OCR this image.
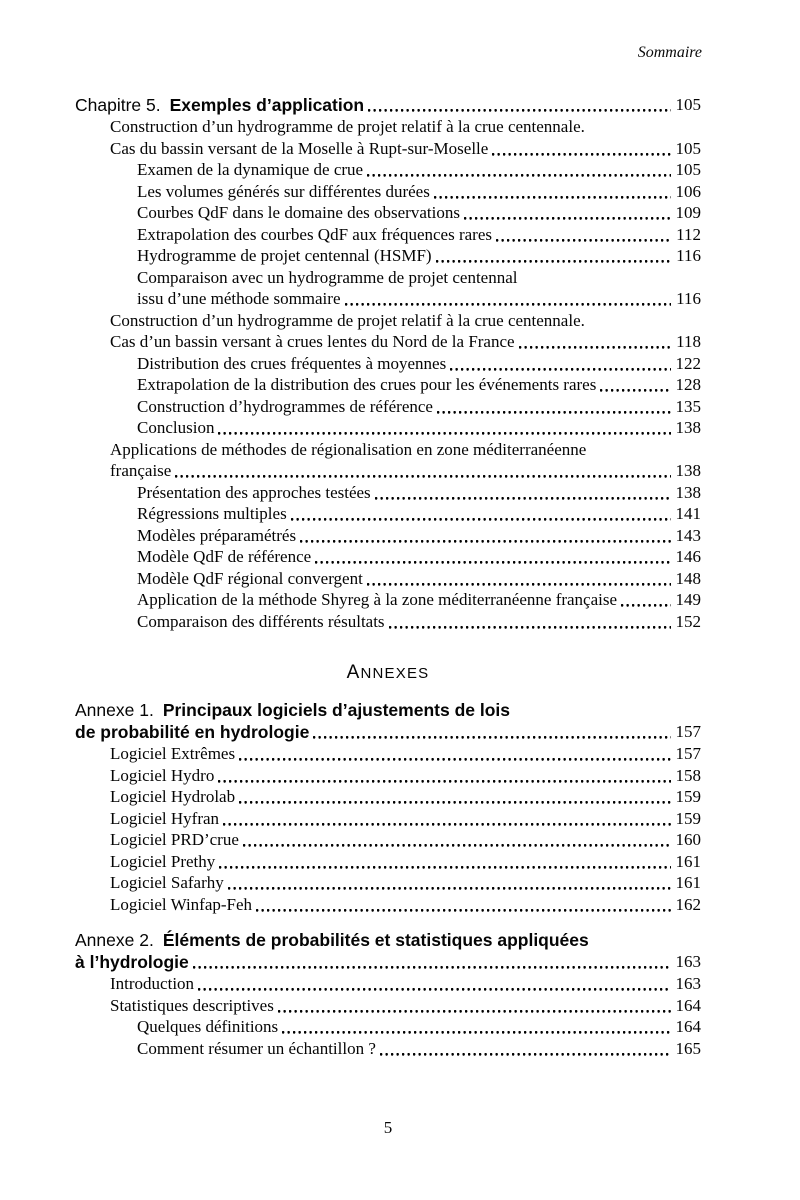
Sommaire
Chapitre 5. Exemples d’application	105
Construction d’un hydrogramme de projet relatif à la crue centennale.
Cas du bassin versant de la Moselle à Rupt-sur-Moselle	105
Examen de la dynamique de crue	105
Les volumes générés sur différentes durées	106
Courbes QdF dans le domaine des observations	109
Extrapolation des courbes QdF aux fréquences rares	112
Hydrogramme de projet centennal (HSMF)	116
Comparaison avec un hydrogramme de projet centennal
issu d’une méthode sommaire	116
Construction d’un hydrogramme de projet relatif à la crue centennale.
Cas d’un bassin versant à crues lentes du Nord de la France	118
Distribution des crues fréquentes à moyennes	122
Extrapolation de la distribution des crues pour les événements rares	128
Construction d’hydrogrammes de référence	135
Conclusion	138
Applications de méthodes de régionalisation en zone méditerranéenne
française	138
Présentation des approches testées	138
Régressions multiples	141
Modèles préparamétrés	143
Modèle QdF de référence	146
Modèle QdF régional convergent	148
Application de la méthode Shyreg à la zone méditerranéenne française	149
Comparaison des différents résultats	152
ANNEXES
Annexe 1. Principaux logiciels d’ajustements de lois
de probabilité en hydrologie	157
Logiciel Extrêmes	157
Logiciel Hydro	158
Logiciel Hydrolab	159
Logiciel Hyfran	159
Logiciel PRD’crue	160
Logiciel Prethy	161
Logiciel Safarhy	161
Logiciel Winfap-Feh	162
Annexe 2. Éléments de probabilités et statistiques appliquées
à l’hydrologie	163
Introduction	163
Statistiques descriptives	164
Quelques définitions	164
Comment résumer un échantillon ?	165
5
